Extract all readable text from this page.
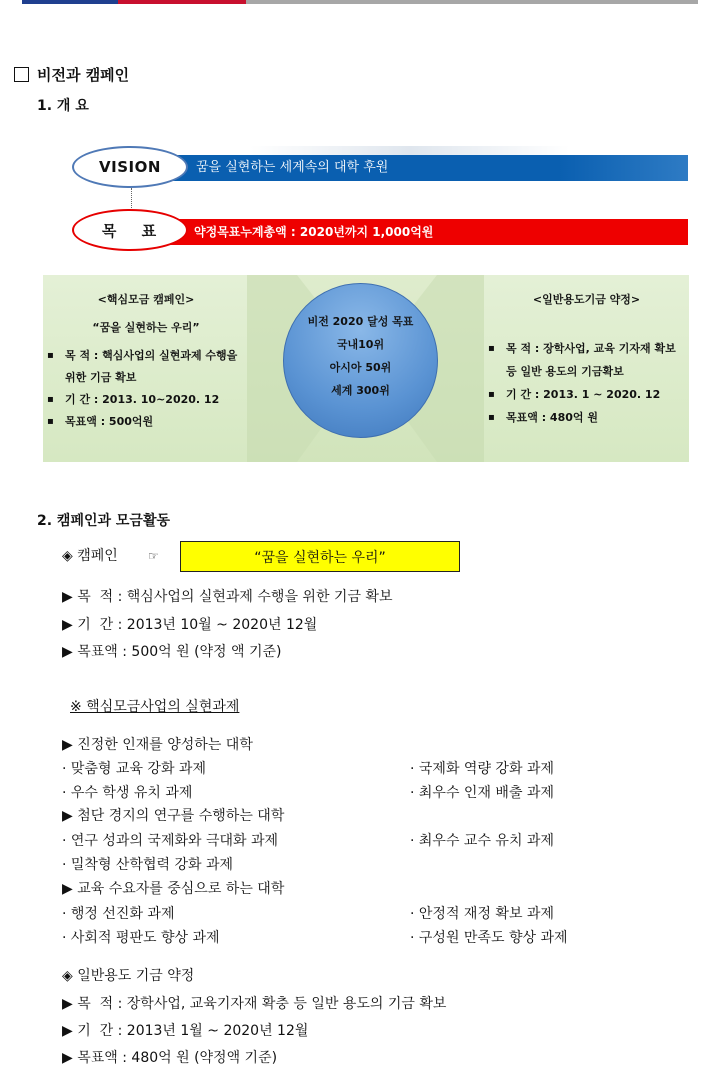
비전과 캠페인
1. 개 요
꿈을 실현하는 세계속의 대학 후원
VISION
약정목표누계총액 : 2020년까지 1,000억원
목 표
<핵심모금 캠페인>
“꿈을 실현하는 우리”
▪ 목 적 : 핵심사업의 실현과제 수행을 위한 기금 확보
▪ 기 간 : 2013. 10~2020. 12
▪ 목표액 : 500억원
비전 2020 달성 목표
국내10위
아시아 50위
세계 300위
<일반용도기금 약정>
▪ 목 적 : 장학사업, 교육 기자재 확보 등 일반 용도의 기금확보
▪ 기 간 : 2013. 1 ~ 2020. 12
▪ 목표액 : 480억 원
2. 캠페인과 모금활동
◈ 캠페인	☞	“꿈을 실현하는 우리”
▶ 목  적 : 핵심사업의 실현과제 수행을 위한 기금 확보
▶ 기  간 : 2013년 10월 ~ 2020년 12월
▶ 목표액 : 500억 원 (약정 액 기준)
※ 핵심모금사업의 실현과제
▶ 진정한 인재를 양성하는 대학
· 맞춤형 교육 강화 과제	· 국제화 역량 강화 과제
· 우수 학생 유치 과제	· 최우수 인재 배출 과제
▶ 첨단 경지의 연구를 수행하는 대학
· 연구 성과의 국제화와 극대화 과제	· 최우수 교수 유치 과제
· 밀착형 산학협력 강화 과제
▶ 교육 수요자를 중심으로 하는 대학
· 행정 선진화 과제	· 안정적 재정 확보 과제
· 사회적 평판도 향상 과제	· 구성원 만족도 향상 과제
◈ 일반용도 기금 약정
▶ 목  적 : 장학사업, 교육기자재 확충 등 일반 용도의 기금 확보
▶ 기  간 : 2013년 1월 ~ 2020년 12월
▶ 목표액 : 480억 원 (약정액 기준)
